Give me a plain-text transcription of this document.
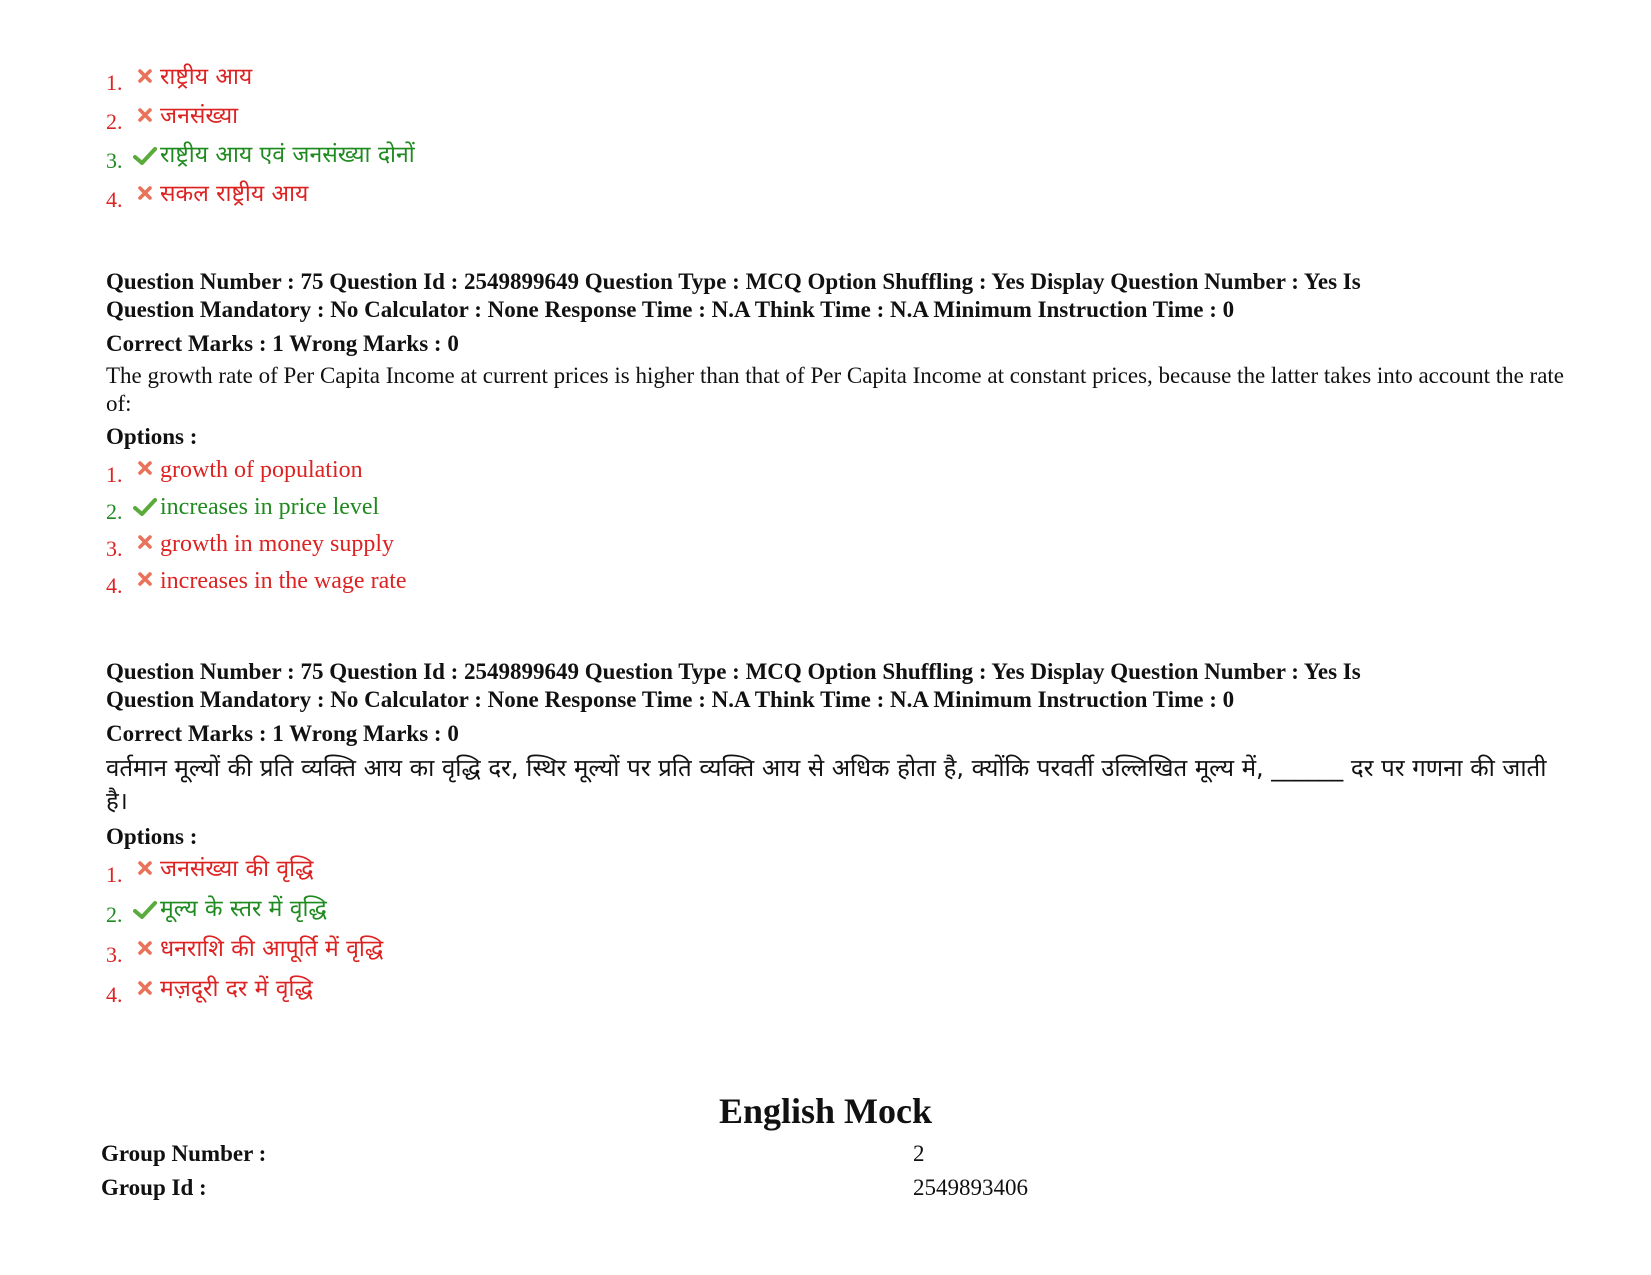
1.	राष्ट्रीय आय
2.	जनसंख्या
3.	राष्ट्रीय आय एवं जनसंख्या दोनों
4.	सकल राष्ट्रीय आय

Question Number : 75 Question Id : 2549899649 Question Type : MCQ Option Shuffling : Yes Display Question Number : Yes Is
Question Mandatory : No Calculator : None Response Time : N.A Think Time : N.A Minimum Instruction Time : 0

Correct Marks : 1 Wrong Marks : 0

The growth rate of Per Capita Income at current prices is higher than that of Per Capita Income at constant prices, because the latter takes into account the rate of:

Options :

1.	growth of population
2.	increases in price level
3.	growth in money supply
4.	increases in the wage rate

Question Number : 75 Question Id : 2549899649 Question Type : MCQ Option Shuffling : Yes Display Question Number : Yes Is
Question Mandatory : No Calculator : None Response Time : N.A Think Time : N.A Minimum Instruction Time : 0

Correct Marks : 1 Wrong Marks : 0

वर्तमान मूल्यों की प्रति व्यक्ति आय का वृद्धि दर, स्थिर मूल्यों पर प्रति व्यक्ति आय से अधिक होता है, क्योंकि परवर्ती उल्लिखित मूल्य में, ______ दर पर गणना की जाती है।

Options :

1.	जनसंख्या की वृद्धि
2.	मूल्य के स्तर में वृद्धि
3.	धनराशि की आपूर्ति में वृद्धि
4.	मज़दूरी दर में वृद्धि
English Mock
Group Number :	2
Group Id :	2549893406
